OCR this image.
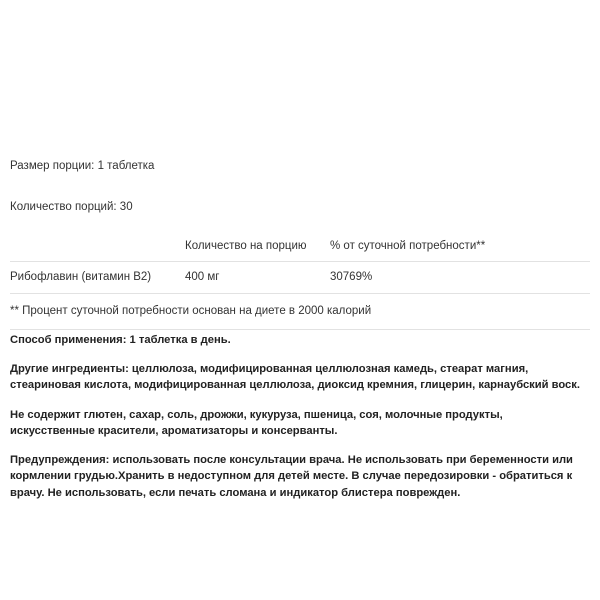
Размер порции: 1 таблетка
Количество порций: 30
	Количество на порцию	% от суточной потребности**
Рибофлавин (витамин B2)	400 мг	30769%
** Процент суточной потребности основан на диете в 2000 калорий
Способ применения: 1 таблетка в день.
Другие ингредиенты: целлюлоза, модифицированная целлюлозная камедь, стеарат магния, стеариновая кислота, модифицированная целлюлоза, диоксид кремния, глицерин, карнаубский воск.
Не содержит глютен, сахар, соль, дрожжи, кукуруза, пшеница, соя, молочные продукты, искусственные красители, ароматизаторы и консерванты.
Предупреждения: использовать после консультации врача. Не использовать при беременности или кормлении грудью.Хранить в недоступном для детей месте. В случае передозировки - обратиться к врачу. Не использовать, если печать сломана и индикатор блистера поврежден.
